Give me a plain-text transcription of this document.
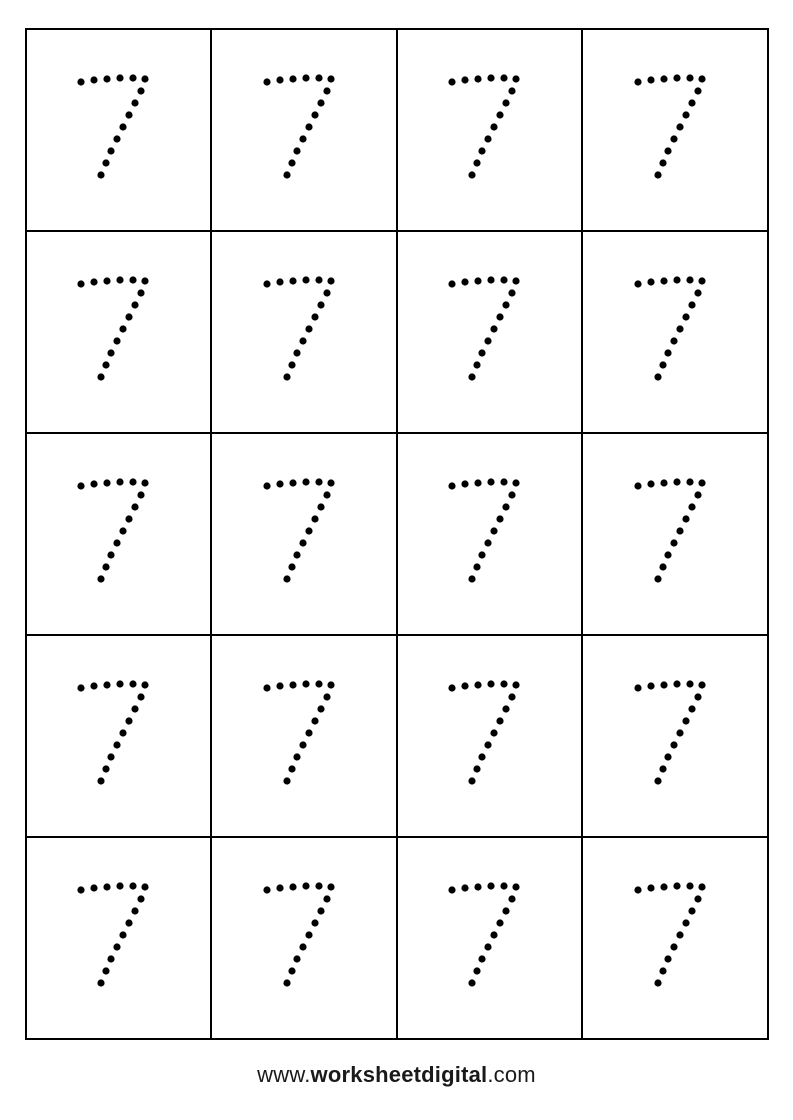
www.worksheetdigital.com
